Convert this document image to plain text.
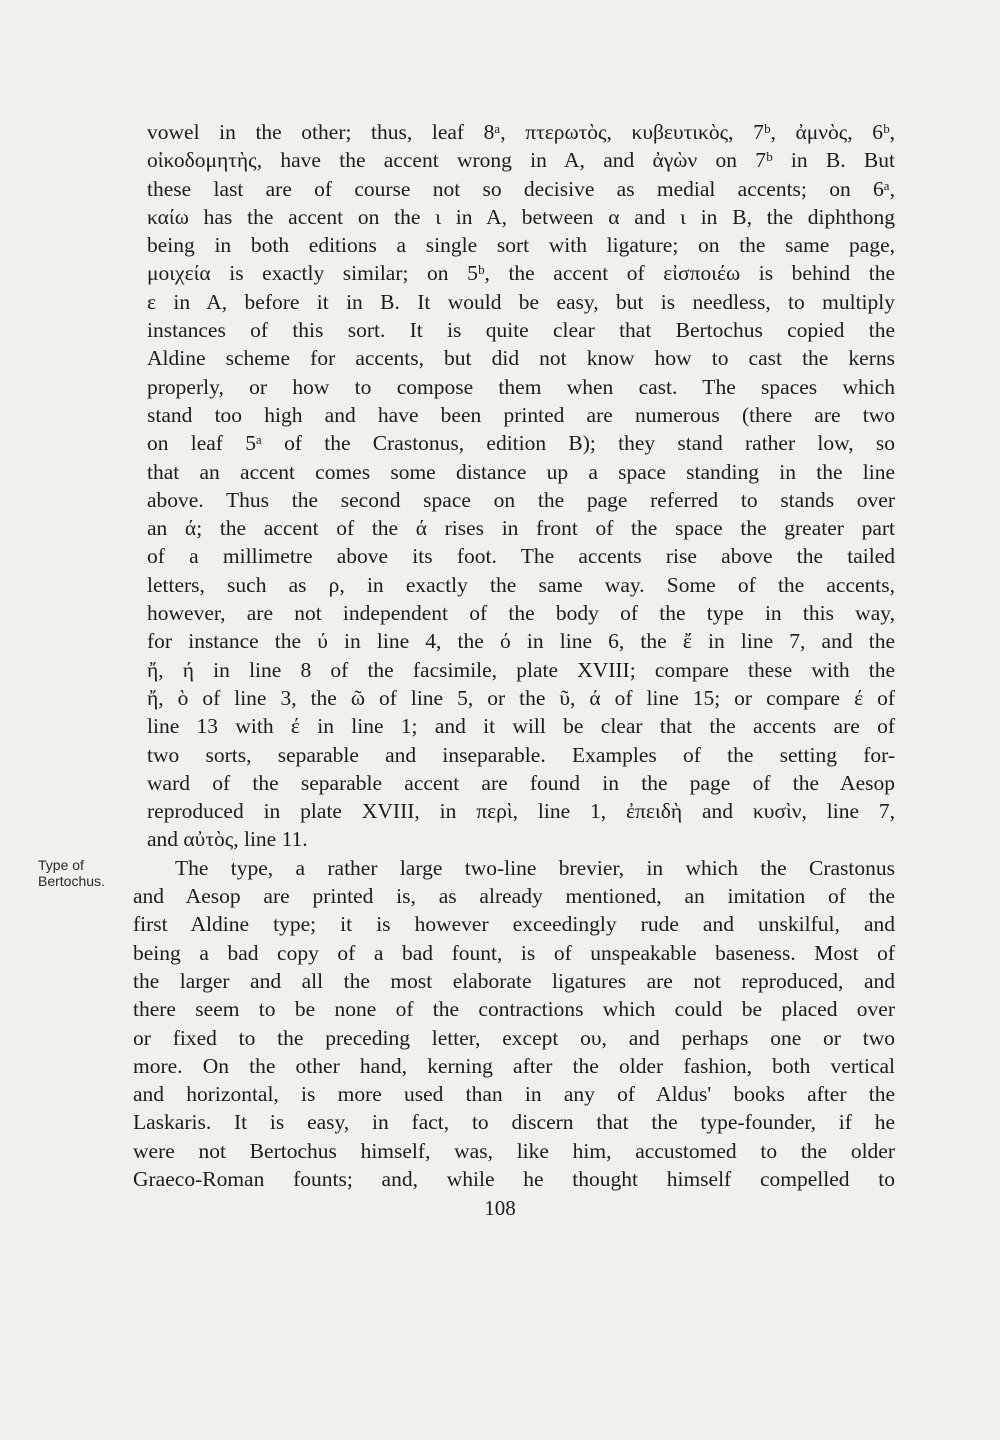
Type of
Bertochus.
vowel in the other; thus, leaf 8ᵃ, πτερωτὸς, κυβευτικὸς, 7ᵇ, ἀμνὸς, 6ᵇ,
οἰκοδομητὴς, have the accent wrong in A, and ἀγὼν on 7ᵇ in B. But
these last are of course not so decisive as medial accents; on 6ᵃ,
καίω has the accent on the ι in A, between α and ι in B, the diphthong
being in both editions a single sort with ligature; on the same page,
μοιχεία is exactly similar; on 5ᵇ, the accent of εἰσποιέω is behind the
ε in A, before it in B. It would be easy, but is needless, to multiply
instances of this sort. It is quite clear that Bertochus copied the
Aldine scheme for accents, but did not know how to cast the kerns
properly, or how to compose them when cast. The spaces which
stand too high and have been printed are numerous (there are two
on leaf 5ᵃ of the Crastonus, edition B); they stand rather low, so
that an accent comes some distance up a space standing in the line
above. Thus the second space on the page referred to stands over
an ά; the accent of the ά rises in front of the space the greater part
of a millimetre above its foot. The accents rise above the tailed
letters, such as ρ, in exactly the same way. Some of the accents,
however, are not independent of the body of the type in this way,
for instance the ύ in line 4, the ό in line 6, the ἔ in line 7, and the
ἤ, ή in line 8 of the facsimile, plate XVIII; compare these with the
ἤ, ὸ of line 3, the ῶ of line 5, or the ῦ, ά of line 15; or compare έ of
line 13 with έ in line 1; and it will be clear that the accents are of
two sorts, separable and inseparable. Examples of the setting for-
ward of the separable accent are found in the page of the Aesop
reproduced in plate XVIII, in περὶ, line 1, ἐπειδὴ and κυσὶν, line 7,
and αὐτὸς, line 11.
The type, a rather large two-line brevier, in which the Crastonus
and Aesop are printed is, as already mentioned, an imitation of the
first Aldine type; it is however exceedingly rude and unskilful, and
being a bad copy of a bad fount, is of unspeakable baseness. Most of
the larger and all the most elaborate ligatures are not reproduced, and
there seem to be none of the contractions which could be placed over
or fixed to the preceding letter, except ου, and perhaps one or two
more. On the other hand, kerning after the older fashion, both vertical
and horizontal, is more used than in any of Aldus' books after the
Laskaris. It is easy, in fact, to discern that the type-founder, if he
were not Bertochus himself, was, like him, accustomed to the older
Graeco-Roman founts; and, while he thought himself compelled to
108
